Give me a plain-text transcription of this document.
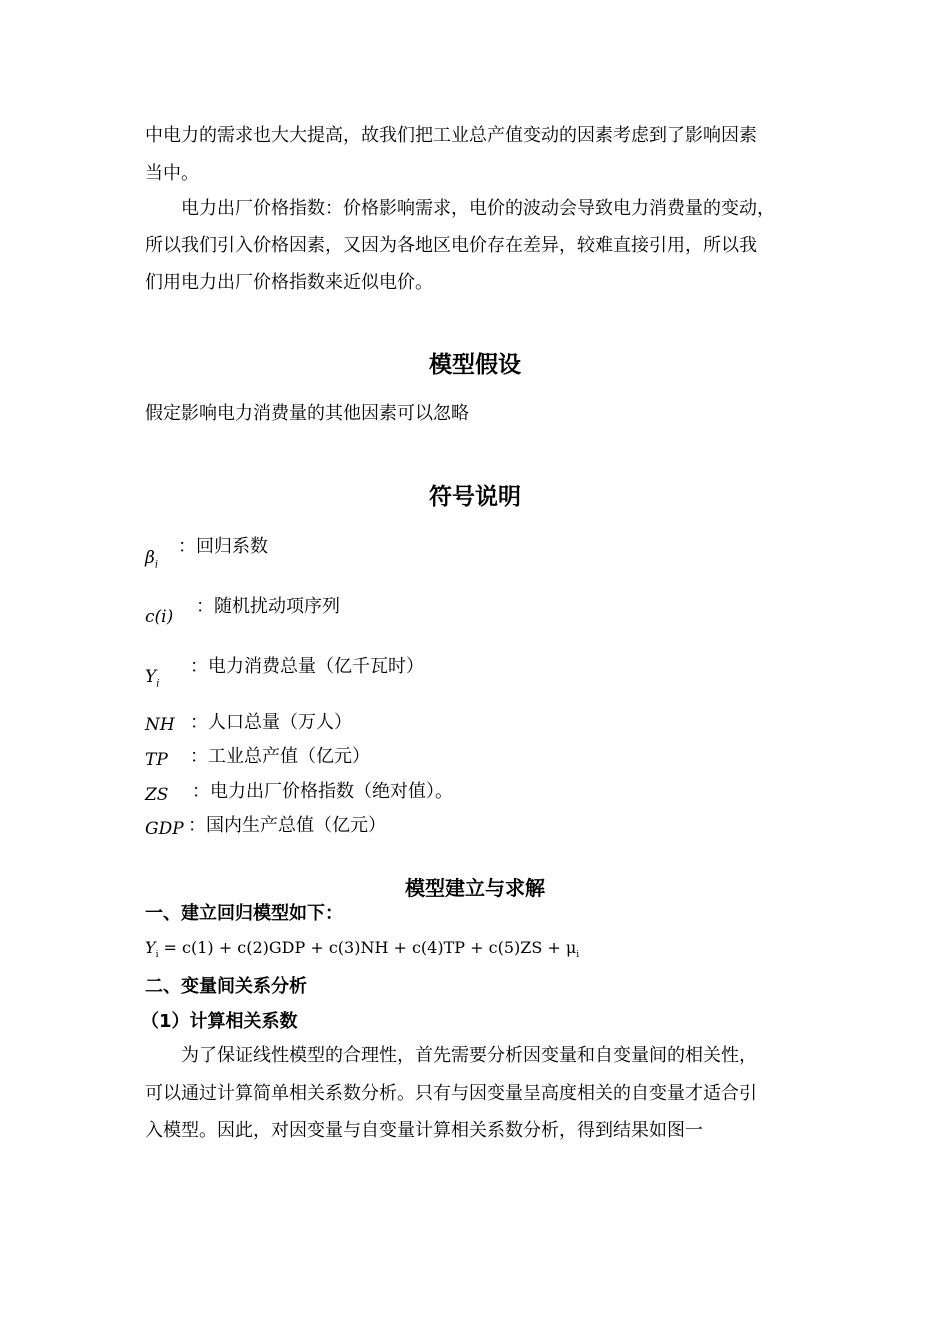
中电力的需求也大大提高，故我们把工业总产值变动的因素考虑到了影响因素

当中。

电力出厂价格指数：价格影响需求，电价的波动会导致电力消费量的变动，

所以我们引入价格因素，又因为各地区电价存在差异，较难直接引用，所以我

们用电力出厂价格指数来近似电价。

模型假设

假定影响电力消费量的其他因素可以忽略

符号说明
$\beta_i$
：回归系数
c(i) ：随机扰动项序列
$Y_i$
：电力消费总量（亿千瓦时）
NH ：人口总量（万人）
TP ：工业总产值（亿元）
ZS ：电力出厂价格指数（绝对值）。
GDP ：国内生产总值（亿元）
模型建立与求解

一、建立回归模型如下：

$Y_i = c(1) + c(2)GDP + c(3)NH + c(4)TP + c(5)ZS + \mu_i$

二、变量间关系分析

（1）计算相关系数

为了保证线性模型的合理性，首先需要分析因变量和自变量间的相关性，

可以通过计算简单相关系数分析。只有与因变量呈高度相关的自变量才适合引

入模型。因此，对因变量与自变量计算相关系数分析，得到结果如图一
